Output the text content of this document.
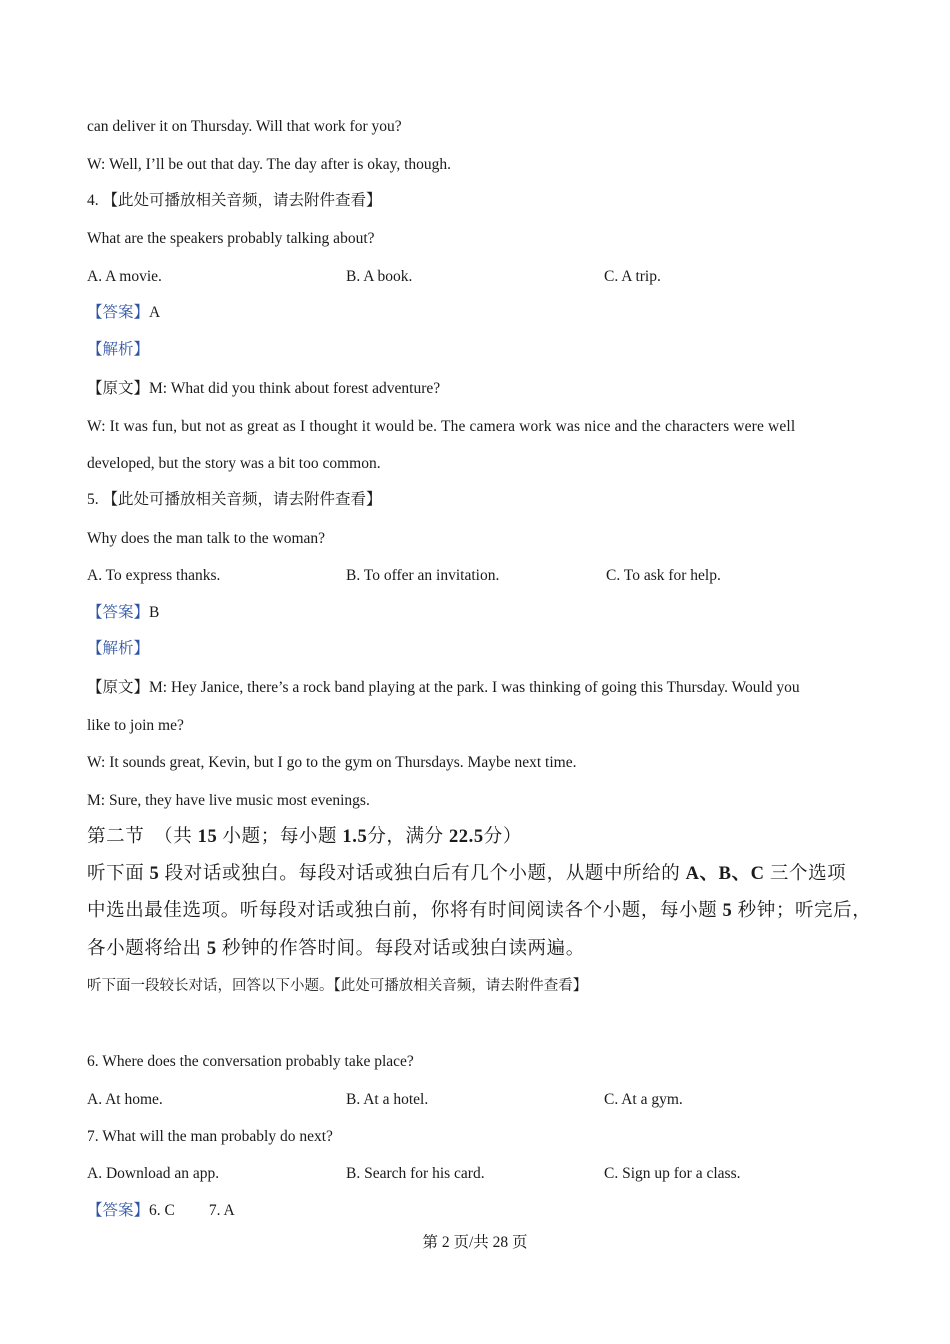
can deliver it on Thursday. Will that work for you?
W: Well, I’ll be out that day. The day after is okay, though.
4. 【此处可播放相关音频，请去附件查看】
What are the speakers probably talking about?
A. A movie.	B. A book.	C. A trip.
【答案】A
【解析】
【原文】M: What did you think about forest adventure?
W: It was fun, but not as great as I thought it would be. The camera work was nice and the characters were well
developed, but the story was a bit too common.
5. 【此处可播放相关音频，请去附件查看】
Why does the man talk to the woman?
A. To express thanks.	B. To offer an invitation.	C. To ask for help.
【答案】B
【解析】
【原文】M: Hey Janice, there’s a rock band playing at the park. I was thinking of going this Thursday. Would you
like to join me?
W: It sounds great, Kevin, but I go to the gym on Thursdays. Maybe next time.
M: Sure, they have live music most evenings.
第二节　（共 15 小题；每小题 1.5分，满分 22.5分）
听下面 5 段对话或独白。每段对话或独白后有几个小题，从题中所给的 A、B、C 三个选项
中选出最佳选项。听每段对话或独白前，你将有时间阅读各个小题，每小题 5 秒钟；听完后，
各小题将给出 5 秒钟的作答时间。每段对话或独白读两遍。
听下面一段较长对话，回答以下小题。【此处可播放相关音频，请去附件查看】
6. Where does the conversation probably take place?
A. At home.	B. At a hotel.	C. At a gym.
7. What will the man probably do next?
A. Download an app.	B. Search for his card.	C. Sign up for a class.
【答案】6. C 7. A
第 2 页/共 28 页
